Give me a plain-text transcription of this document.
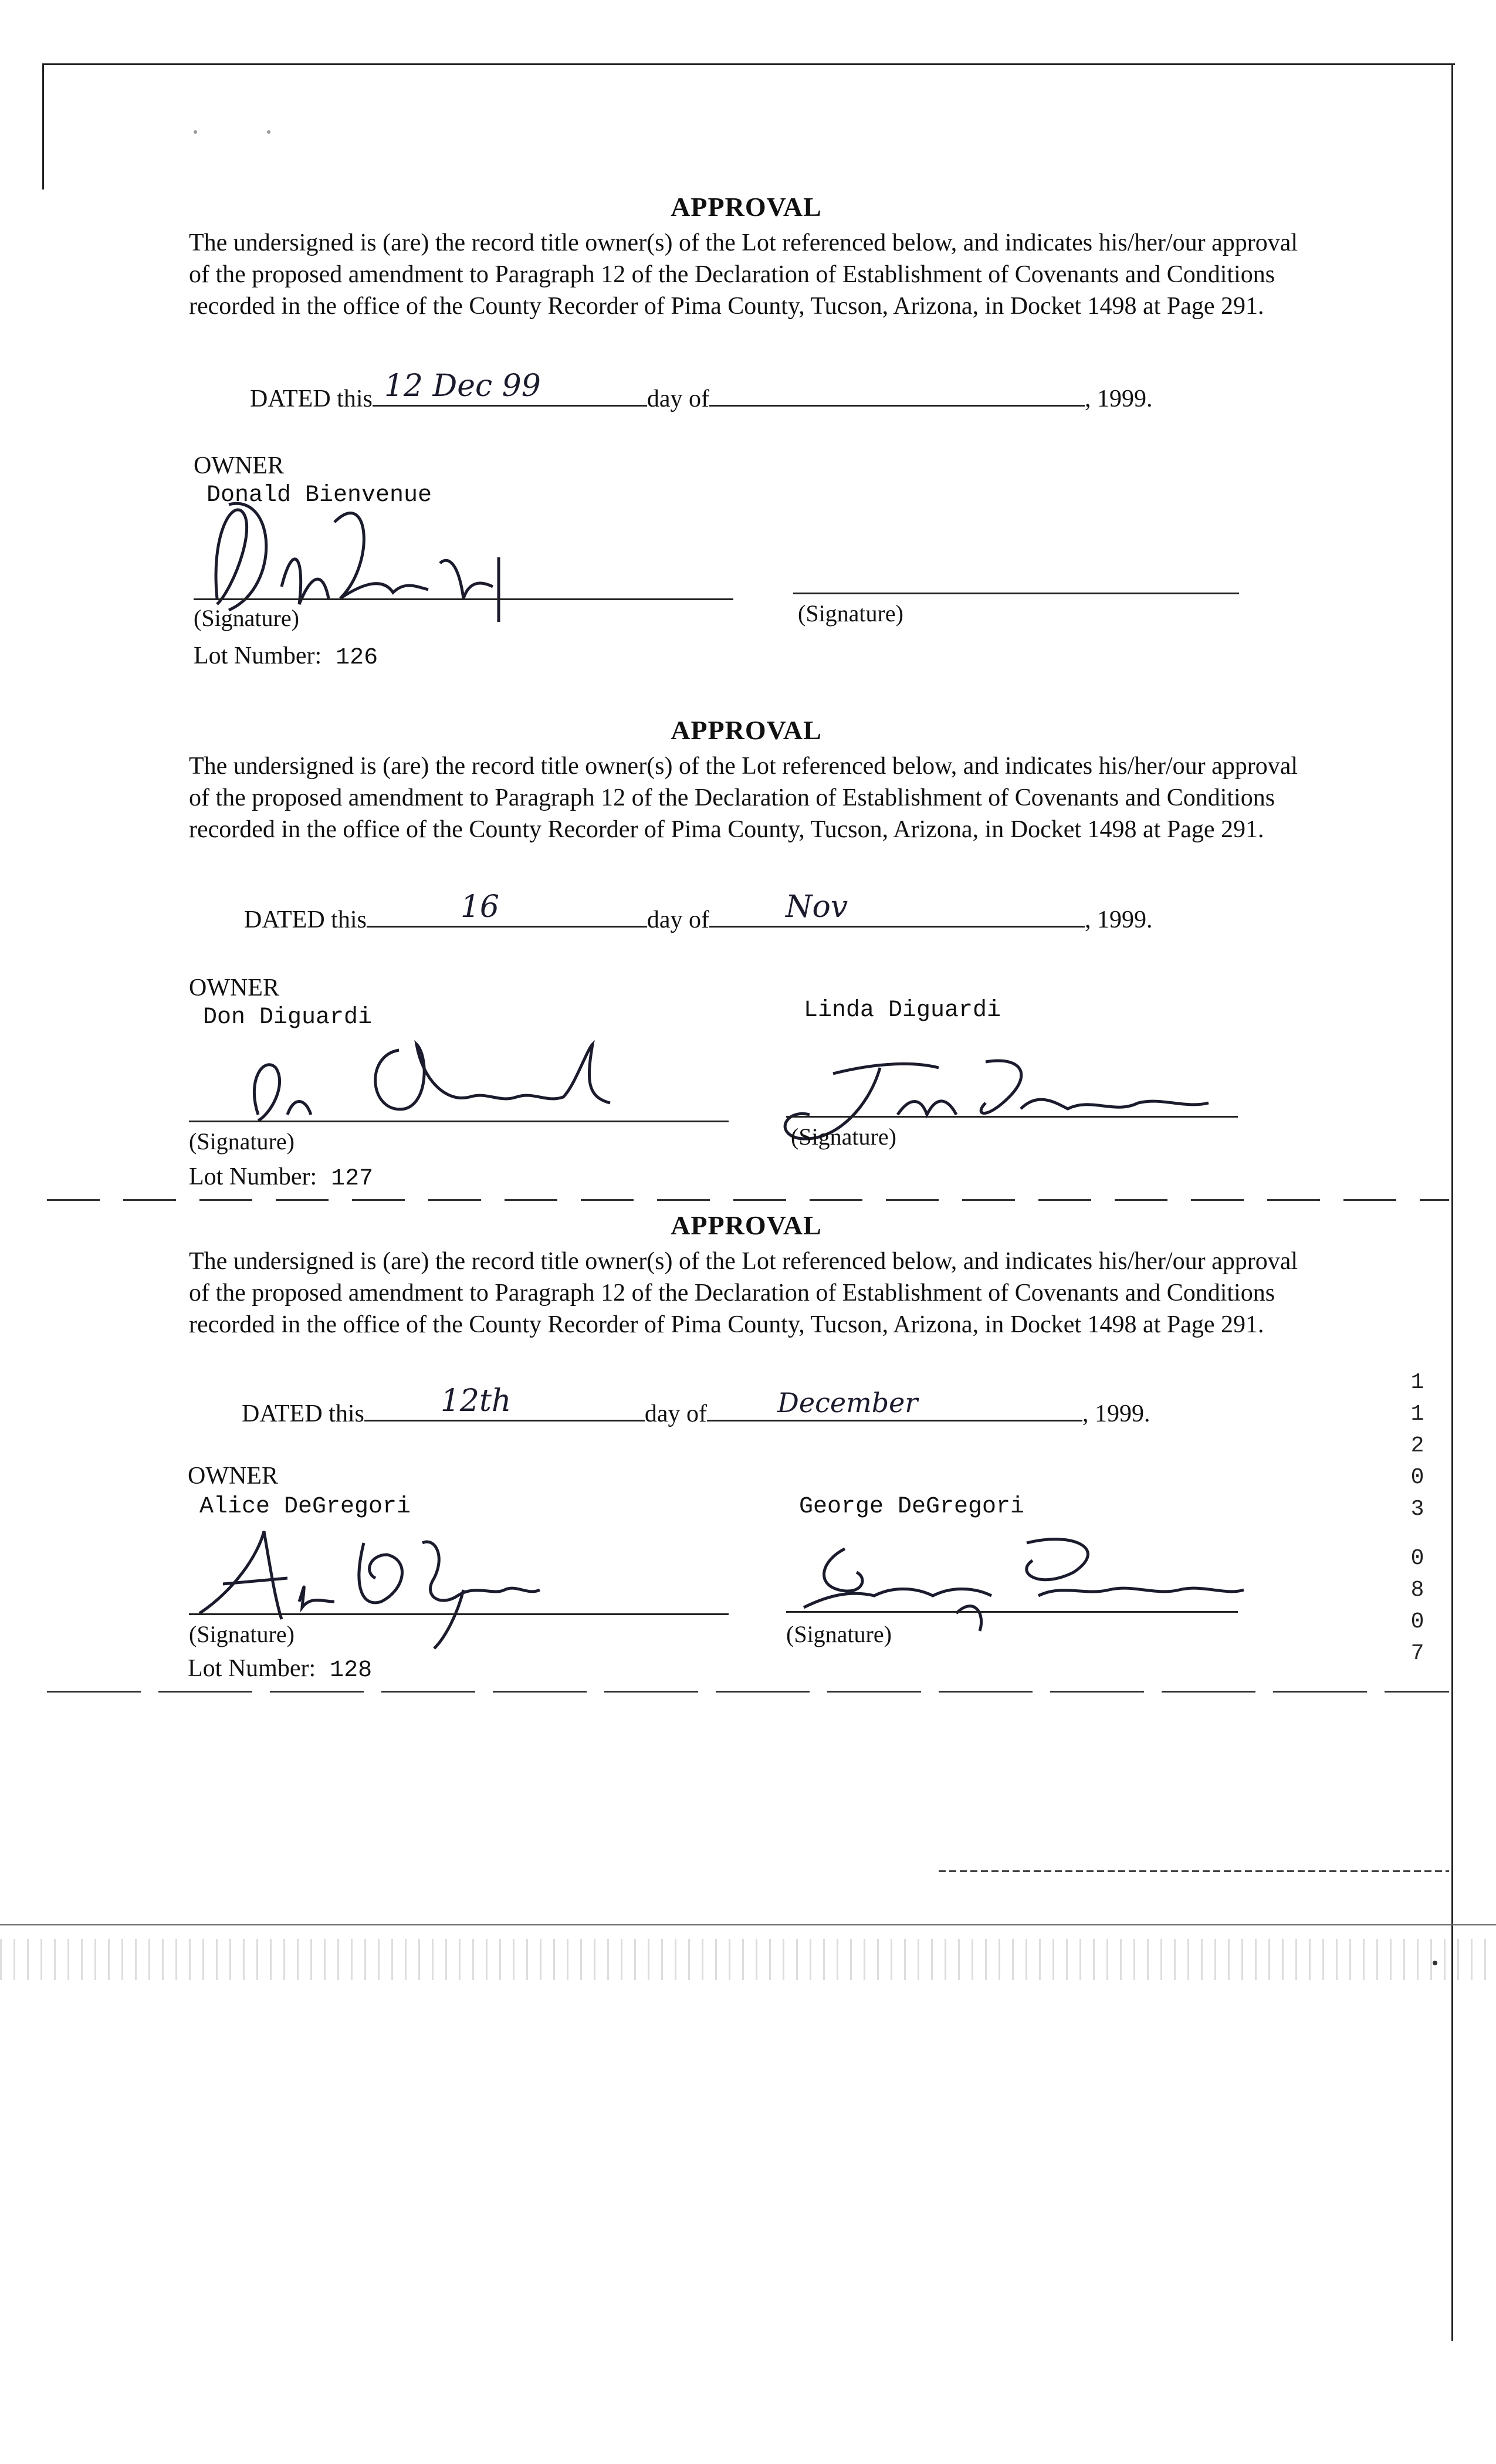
APPROVAL
The undersigned is (are) the record title owner(s) of the Lot referenced below, and indicates his/her/our approval of the proposed amendment to Paragraph 12 of the Declaration of Establishment of Covenants and Conditions recorded in the office of the County Recorder of Pima County, Tucson, Arizona, in Docket 1498 at Page 291.
DATED this 12 Dec 99	day of	, 1999.
OWNER
Donald Bienvenue
(Signature)	(Signature)
Lot Number: 126
APPROVAL
The undersigned is (are) the record title owner(s) of the Lot referenced below, and indicates his/her/our approval of the proposed amendment to Paragraph 12 of the Declaration of Establishment of Covenants and Conditions recorded in the office of the County Recorder of Pima County, Tucson, Arizona, in Docket 1498 at Page 291.
DATED this	16	day of	Nov	, 1999.
OWNER
Don Diguardi	Linda Diguardi
(Signature)	(Signature)
Lot Number: 127
APPROVAL
The undersigned is (are) the record title owner(s) of the Lot referenced below, and indicates his/her/our approval of the proposed amendment to Paragraph 12 of the Declaration of Establishment of Covenants and Conditions recorded in the office of the County Recorder of Pima County, Tucson, Arizona, in Docket 1498 at Page 291.
DATED this	12th	day of	December	, 1999.
OWNER
Alice DeGregori	George DeGregori
(Signature)	(Signature)
Lot Number: 128
1
1
2
0
3
0
8
0
7
